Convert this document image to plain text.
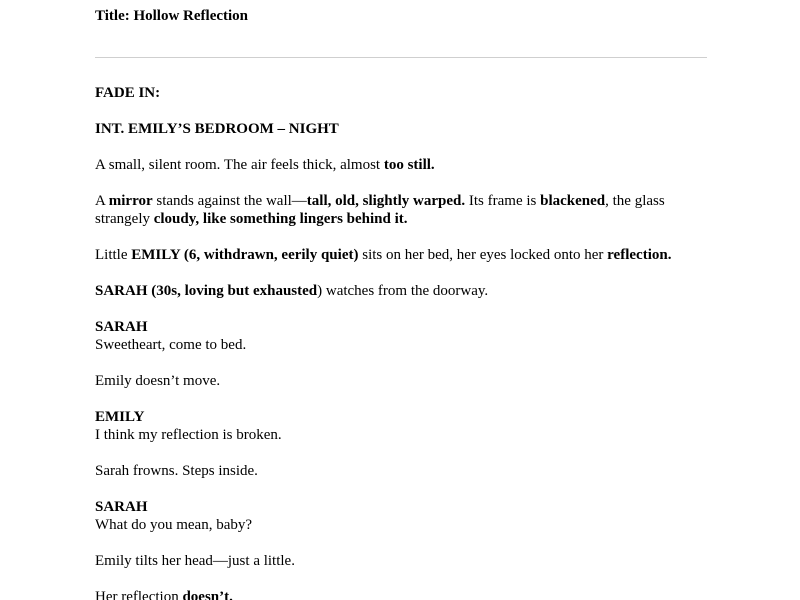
Title: Hollow Reflection

FADE IN:

INT. EMILY’S BEDROOM – NIGHT

A small, silent room. The air feels thick, almost too still.

A mirror stands against the wall—tall, old, slightly warped. Its frame is blackened, the glass strangely cloudy, like something lingers behind it.

Little EMILY (6, withdrawn, eerily quiet) sits on her bed, her eyes locked onto her reflection.

SARAH (30s, loving but exhausted) watches from the doorway.

SARAH

Sweetheart, come to bed.

Emily doesn’t move.

EMILY

I think my reflection is broken.

Sarah frowns. Steps inside.

SARAH

What do you mean, baby?

Emily tilts her head—just a little.

Her reflection doesn’t.
